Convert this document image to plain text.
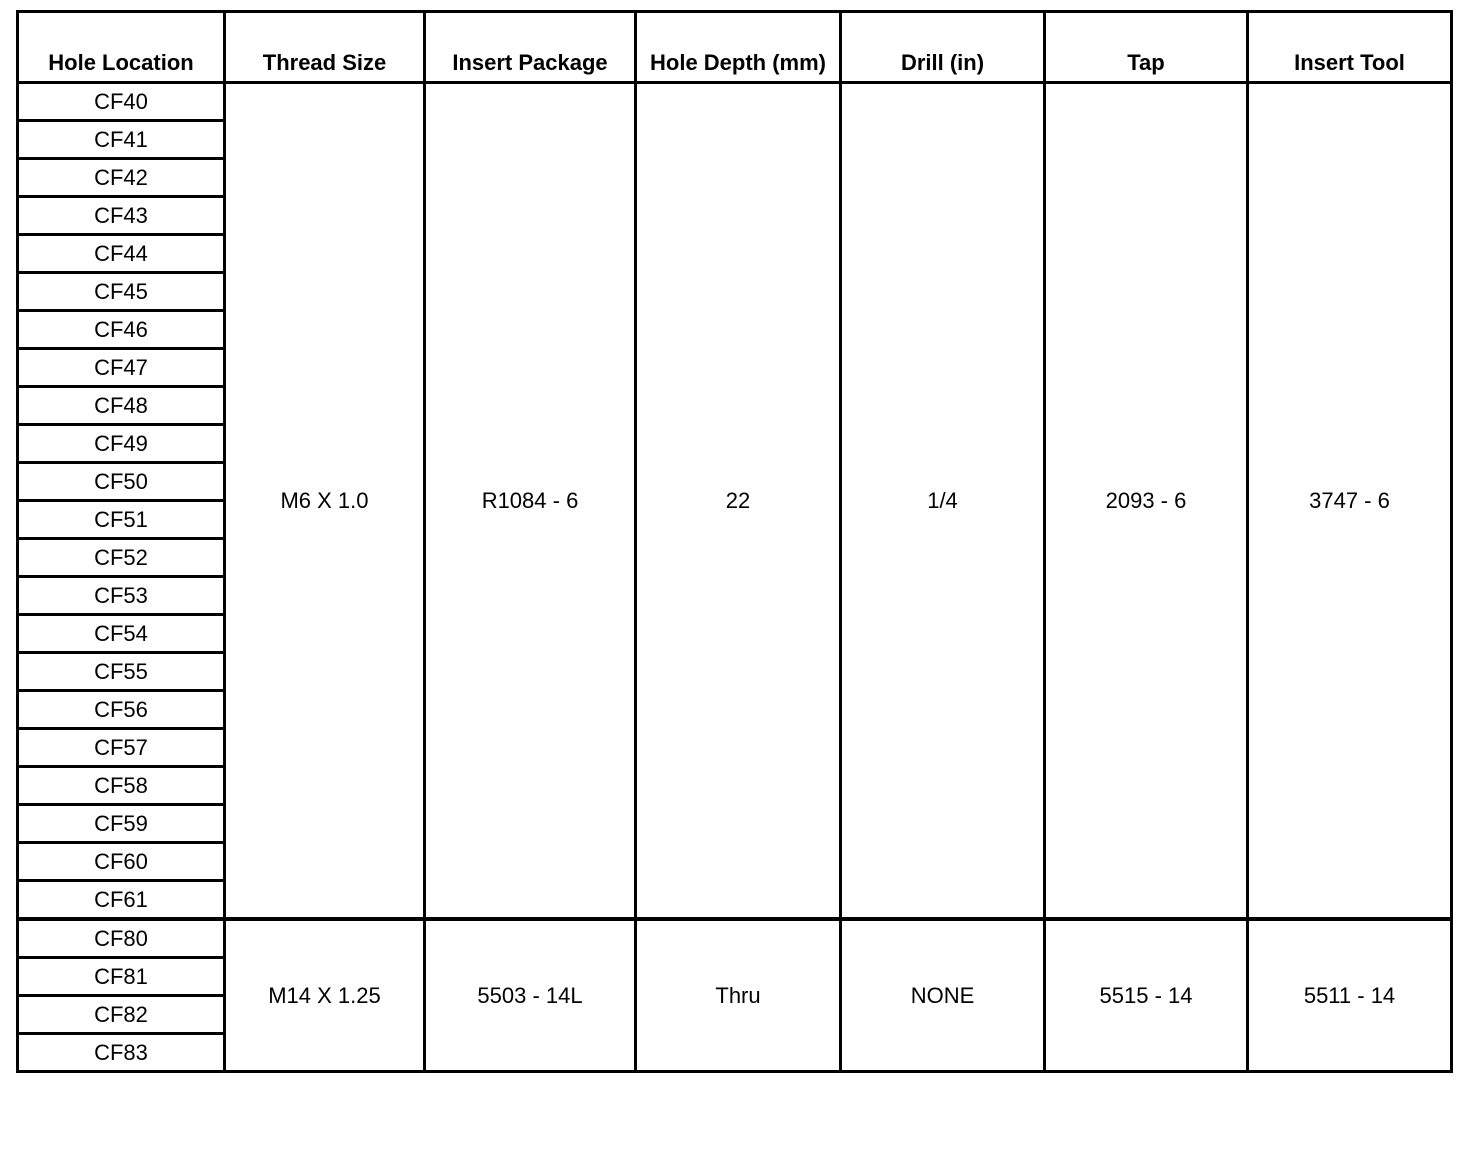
Hole Location	Thread Size	Insert Package	Hole Depth (mm)	Drill (in)	Tap	Insert Tool
CF40	M6 X 1.0	R1084 - 6	22	1/4	2093 - 6	3747 - 6
CF41						
CF42						
CF43						
CF44						
CF45						
CF46						
CF47						
CF48						
CF49						
CF50						
CF51						
CF52						
CF53						
CF54						
CF55						
CF56						
CF57						
CF58						
CF59						
CF60						
CF61						
CF80	M14 X 1.25	5503 - 14L	Thru	NONE	5515 - 14	5511 - 14
CF81						
CF82						
CF83						
